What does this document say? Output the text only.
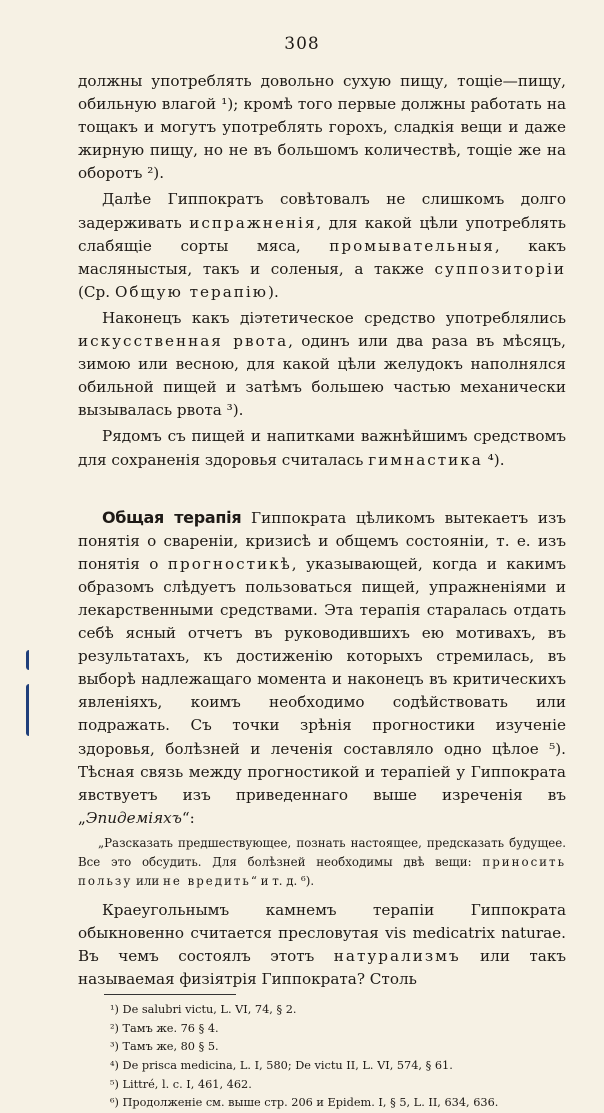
308

должны употреблять довольно сухую пищу, тощіе—пищу, обильную влагой ¹); кромѣ того первые должны работать на тощакъ и могутъ употреблять горохъ, сладкія вещи и даже жирную пищу, но не въ большомъ количествѣ, тощіе же на оборотъ ²).

Далѣе Гиппократъ совѣтовалъ не слишкомъ долго задерживать испражненія, для какой цѣли употреблять слабящіе сорты мяса, промывательныя, какъ масляныстыя, такъ и соленыя, а также суппозиторіи (Ср. Общую терапію).

Наконецъ какъ діэтетическое средство употреблялись искусственная рвота, одинъ или два раза въ мѣсяцъ, зимою или весною, для какой цѣли желудокъ наполнялся обильной пищей и затѣмъ большею частью механически вызывалась рвота ³).

Рядомъ съ пищей и напитками важнѣйшимъ средствомъ для сохраненія здоровья считалась гимнастика ⁴).

Общая терапія Гиппократа цѣликомъ вытекаетъ изъ понятія о свареніи, кризисѣ и общемъ состояніи, т. е. изъ понятія о прогностикѣ, указывающей, когда и какимъ образомъ слѣдуетъ пользоваться пищей, упражненіями и лекарственными средствами. Эта терапія старалась отдать себѣ ясный отчетъ въ руководившихъ ею мотивахъ, въ результатахъ, къ достиженію которыхъ стремилась, въ выборѣ надлежащаго момента и наконецъ въ критическихъ явленіяхъ, коимъ необходимо содѣйствовать или подражать. Съ точки зрѣнія прогностики изученіе здоровья, болѣзней и леченія составляло одно цѣлое ⁵). Тѣсная связь между прогностикой и терапіей у Гиппократа явствуетъ изъ приведеннаго выше изреченія въ „Эпидеміяхъ“:

„Разсказать предшествующее, познать настоящее, предсказать будущее. Все это обсудить. Для болѣзней необходимы двѣ вещи: приносить пользу или не вредить“ и т. д. ⁶).

Краеугольнымъ камнемъ терапіи Гиппократа обыкновенно считается пресловутая vis medicatrix naturae. Въ чемъ состоялъ этотъ натурализмъ или такъ называемая физіятрія Гиппократа? Столь

¹) De salubri victu, L. VI, 74, § 2.

²) Тамъ же. 76 § 4.

³) Тамъ же, 80 § 5.

⁴) De prisca medicina, L. I, 580; De victu II, L. VI, 574, § 61.

⁵) Littré, l. c. I, 461, 462.

⁶) Продолженіе см. выше стр. 206 и Epidem. I, § 5, L. II, 634, 636.
